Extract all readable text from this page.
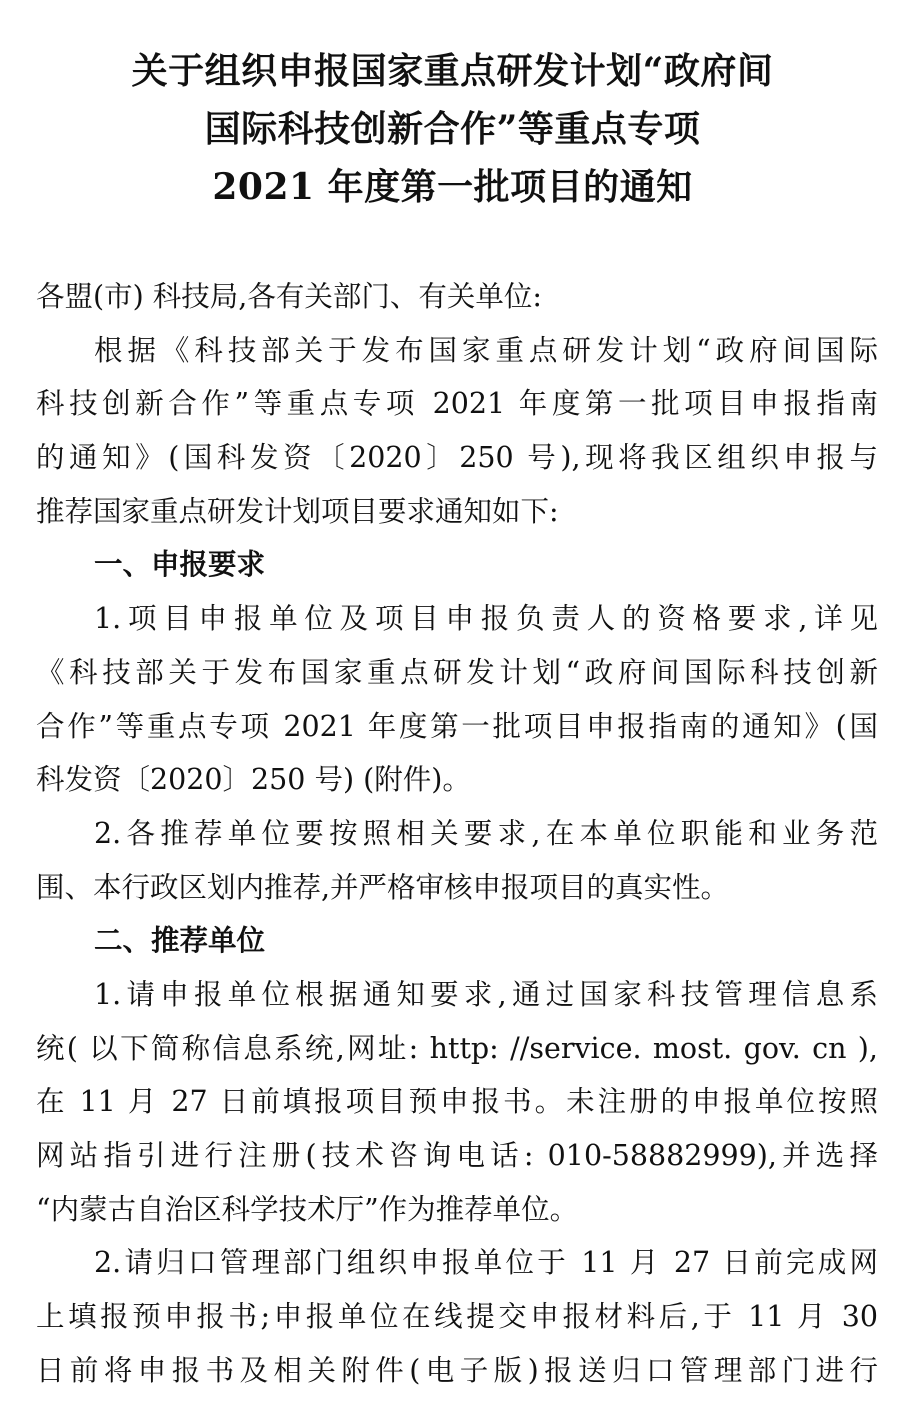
关于组织申报国家重点研发计划“政府间
国际科技创新合作”等重点专项
2021 年度第一批项目的通知
各盟(市) 科技局,各有关部门、有关单位:
根据《科技部关于发布国家重点研发计划“政府间国际
科技创新合作”等重点专项 2021 年度第一批项目申报指南
的通知》(国科发资〔2020〕250 号),现将我区组织申报与
推荐国家重点研发计划项目要求通知如下:
一、申报要求
1.项目申报单位及项目申报负责人的资格要求,详见
《科技部关于发布国家重点研发计划“政府间国际科技创新
合作”等重点专项 2021 年度第一批项目申报指南的通知》(国
科发资〔2020〕250 号) (附件)。
2.各推荐单位要按照相关要求,在本单位职能和业务范
围、本行政区划内推荐,并严格审核申报项目的真实性。
二、推荐单位
1.请申报单位根据通知要求,通过国家科技管理信息系
统( 以下简称信息系统,网址: http: //service. most. gov. cn ),
在 11 月 27 日前填报项目预申报书。未注册的申报单位按照
网站指引进行注册(技术咨询电话: 010-58882999),并选择
“内蒙古自治区科学技术厅”作为推荐单位。
2.请归口管理部门组织申报单位于 11 月 27 日前完成网
上填报预申报书;申报单位在线提交申报材料后,于 11 月 30
日前将申报书及相关附件(电子版)报送归口管理部门进行
